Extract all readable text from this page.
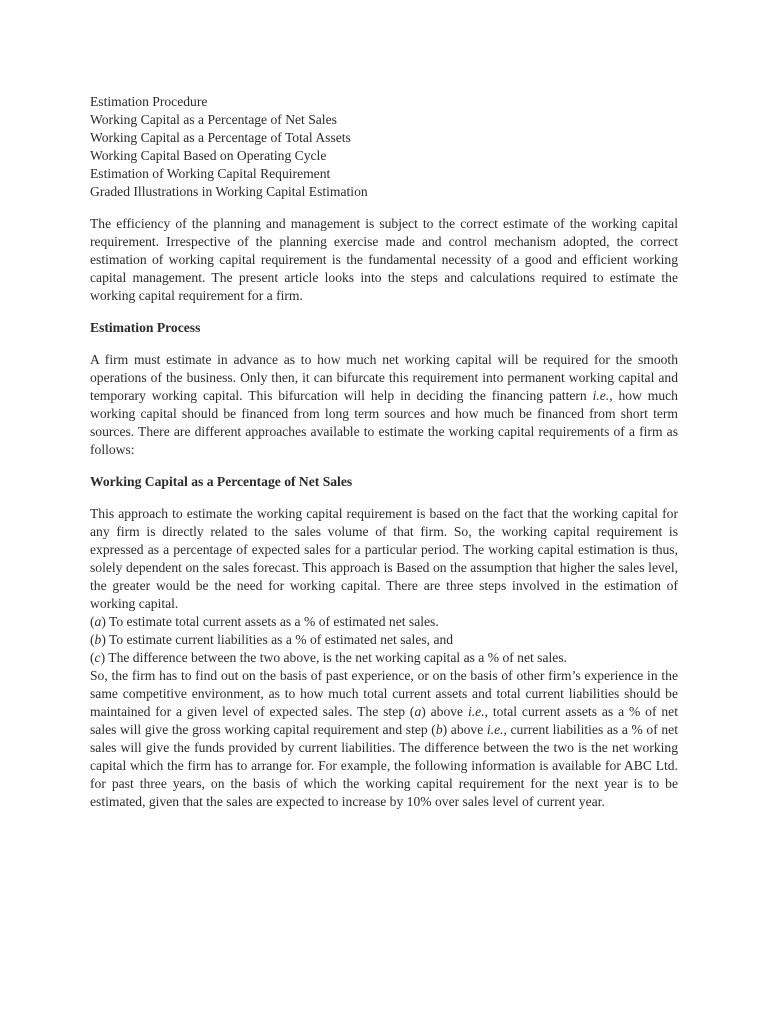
Estimation Procedure
Working Capital as a Percentage of Net Sales
Working Capital as a Percentage of Total Assets
Working Capital Based on Operating Cycle
Estimation of Working Capital Requirement
Graded Illustrations in Working Capital Estimation

The efficiency of the planning and management is subject to the correct estimate of the working capital requirement. Irrespective of the planning exercise made and control mechanism adopted, the correct estimation of working capital requirement is the fundamental necessity of a good and efficient working capital management. The present article looks into the steps and calculations required to estimate the working capital requirement for a firm.

Estimation Process

A firm must estimate in advance as to how much net working capital will be required for the smooth operations of the business. Only then, it can bifurcate this requirement into permanent working capital and temporary working capital. This bifurcation will help in deciding the financing pattern i.e., how much working capital should be financed from long term sources and how much be financed from short term sources. There are different approaches available to estimate the working capital requirements of a firm as follows:

Working Capital as a Percentage of Net Sales
This approach to estimate the working capital requirement is based on the fact that the working capital for any firm is directly related to the sales volume of that firm. So, the working capital requirement is expressed as a percentage of expected sales for a particular period. The working capital estimation is thus, solely dependent on the sales forecast. This approach is Based on the assumption that higher the sales level, the greater would be the need for working capital. There are three steps involved in the estimation of working capital.
(a) To estimate total current assets as a % of estimated net sales.
(b) To estimate current liabilities as a % of estimated net sales, and
(c) The difference between the two above, is the net working capital as a % of net sales.
So, the firm has to find out on the basis of past experience, or on the basis of other firm’s experience in the same competitive environment, as to how much total current assets and total current liabilities should be maintained for a given level of expected sales. The step (a) above i.e., total current assets as a % of net sales will give the gross working capital requirement and step (b) above i.e., current liabilities as a % of net sales will give the funds provided by current liabilities. The difference between the two is the net working capital which the firm has to arrange for. For example, the following information is available for ABC Ltd. for past three years, on the basis of which the working capital requirement for the next year is to be estimated, given that the sales are expected to increase by 10% over sales level of current year.
